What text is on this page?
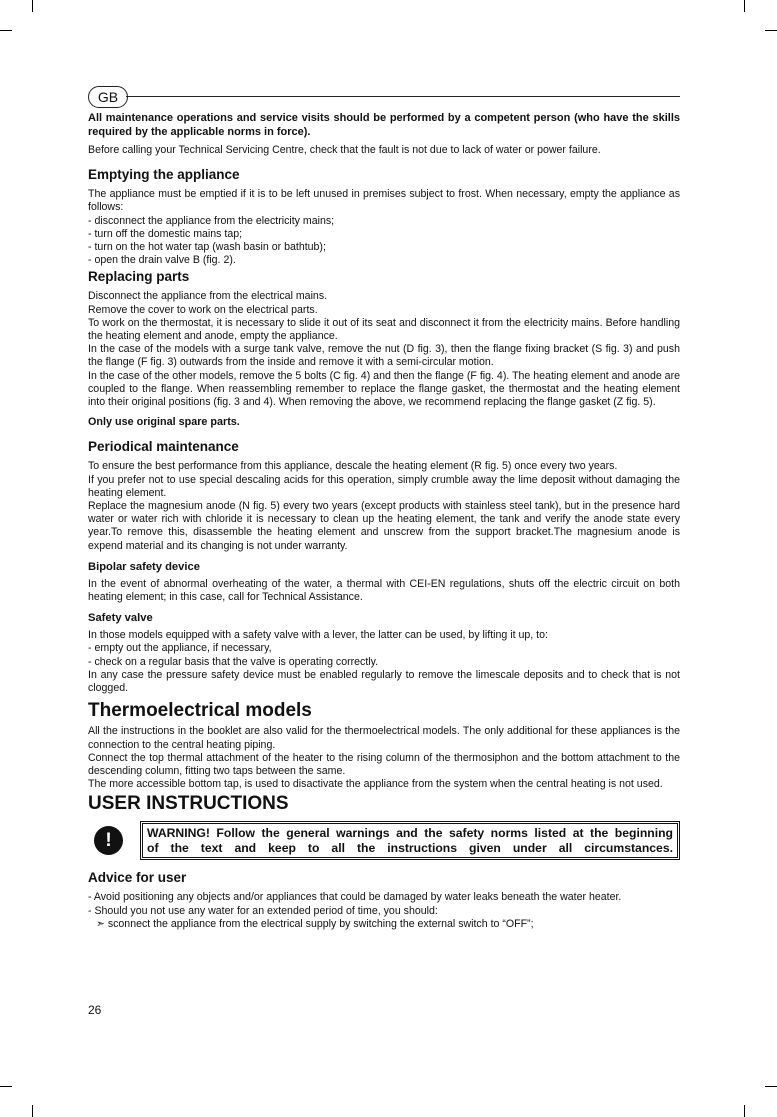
GB

All maintenance operations and service visits should be performed by a competent person (who have the skills required by the applicable norms in force).

Before calling your Technical Servicing Centre, check that the fault is not due to lack of water or power failure.

Emptying the appliance

The appliance must be emptied if it is to be left unused in premises subject to frost. When necessary, empty the appliance as follows:

- disconnect the appliance from the electricity mains;

- turn off the domestic mains tap;

- turn on the hot water tap (wash basin or bathtub);

- open the drain valve B (fig. 2).

Replacing parts

Disconnect the appliance from the electrical mains.

Remove the cover to work on the electrical parts.

To work on the thermostat, it is necessary to slide it out of its seat and disconnect it from the electricity mains. Before handling the heating element and anode, empty the appliance.

In the case of the models with a surge tank valve, remove the nut (D fig. 3), then the flange fixing bracket (S fig. 3) and push the flange (F fig. 3) outwards from the inside and remove it with a semi-circular motion.

In the case of the other models, remove the 5 bolts (C fig. 4) and then the flange (F fig. 4). The heating element and anode are coupled to the flange. When reassembling remember to replace the flange gasket, the thermostat and the heating element into their original positions (fig. 3 and 4). When removing the above, we recommend replacing the flange gasket (Z fig. 5).

Only use original spare parts.

Periodical maintenance

To ensure the best performance from this appliance, descale the heating element (R fig. 5) once every two years.

If you prefer not to use special descaling acids for this operation, simply crumble away the lime deposit without damaging the heating element.

Replace the magnesium anode (N fig. 5) every two years (except products with stainless steel tank), but in the presence hard water or water rich with chloride it is necessary to clean up the heating element, the tank and verify the anode state every year.To remove this, disassemble the heating element and unscrew from the support bracket.The magnesium anode is expend material and its changing is not under warranty.

Bipolar safety device

In the event of abnormal overheating of the water, a thermal with CEI-EN regulations, shuts off the electric circuit on both heating element; in this case, call for Technical Assistance.

Safety valve

In those models equipped with a safety valve with a lever, the latter can be used, by lifting it up, to:

- empty out the appliance, if necessary,

- check on a regular basis that the valve is operating correctly.

In any case the pressure safety device must be enabled regularly to remove the limescale deposits and to check that is not clogged.

Thermoelectrical models

All the instructions in the booklet are also valid for the thermoelectrical models. The only additional for these appliances is the connection to the central heating piping.

Connect the top thermal attachment of the heater to the rising column of the thermosiphon and the bottom attachment to the descending column, fitting two taps between the same.

The more accessible bottom tap, is used to disactivate the appliance from the system when the central heating is not used.

USER INSTRUCTIONS
!	WARNING! Follow the general warnings and the safety norms listed at the beginning
of the text and keep to all the instructions given under all circumstances.
Advice for user

- Avoid positioning any objects and/or appliances that could be damaged by water leaks beneath the water heater.

- Should you not use any water for an extended period of time, you should:

➣ sconnect the appliance from the electrical supply by switching the external switch to “OFF”;

26
